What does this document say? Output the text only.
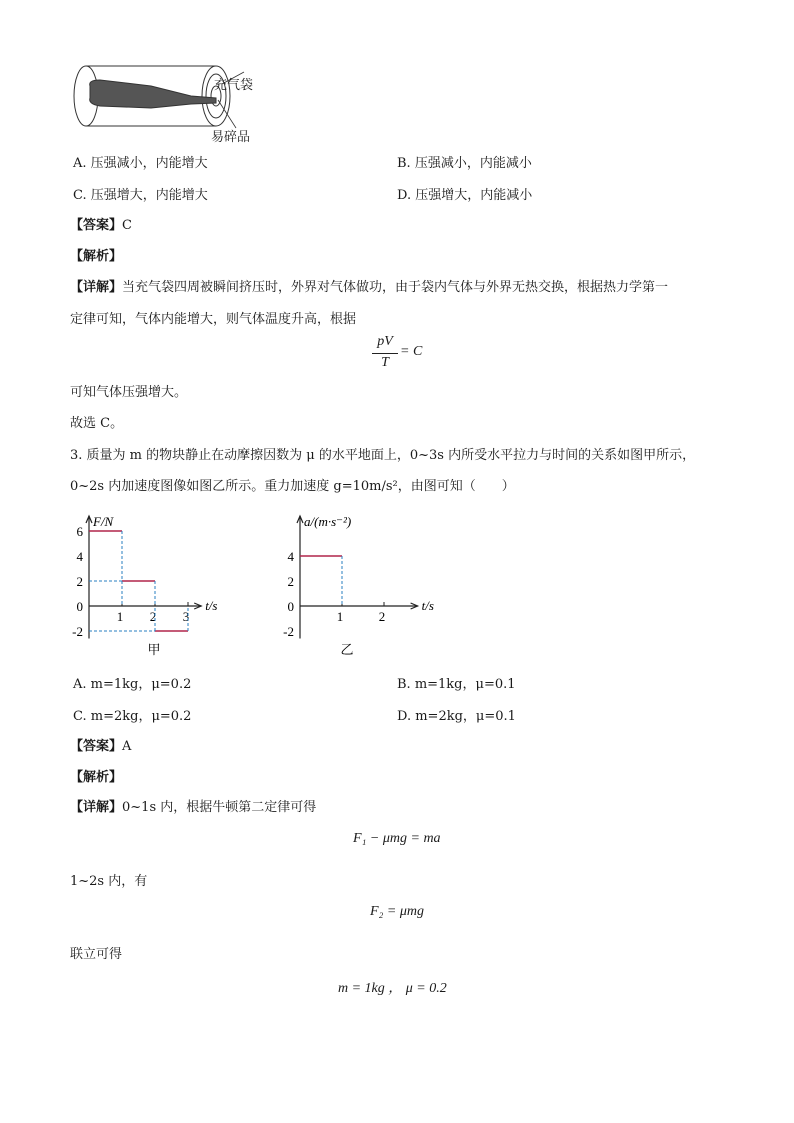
充气袋
易碎品
A. 压强减小，内能增大	B. 压强减小，内能减小
C. 压强增大，内能增大	D. 压强增大，内能减小
【答案】C
【解析】
【详解】当充气袋四周被瞬间挤压时，外界对气体做功，由于袋内气体与外界无热交换，根据热力学第一
定律可知，气体内能增大，则气体温度升高，根据
pV
T
= C
可知气体压强增大。
故选 C。
3. 质量为 m 的物块静止在动摩擦因数为 μ 的水平地面上，0~3s 内所受水平拉力与时间的关系如图甲所示，
0~2s 内加速度图像如图乙所示。重力加速度 g=10m/s²，由图可知（　　）
F/N
t/s
6
4
2
0
-2
1 2 3
甲
a/(m·s⁻²)
t/s
4
2
0
-2
1	2
乙
A. m=1kg，μ=0.2	B. m=1kg，μ=0.1
C. m=2kg，μ=0.2	D. m=2kg，μ=0.1
【答案】A
【解析】
【详解】0~1s 内，根据牛顿第二定律可得
F₁ − μmg = ma
1~2s 内，有
F₂ = μmg
联立可得
m = 1kg ， μ = 0.2
